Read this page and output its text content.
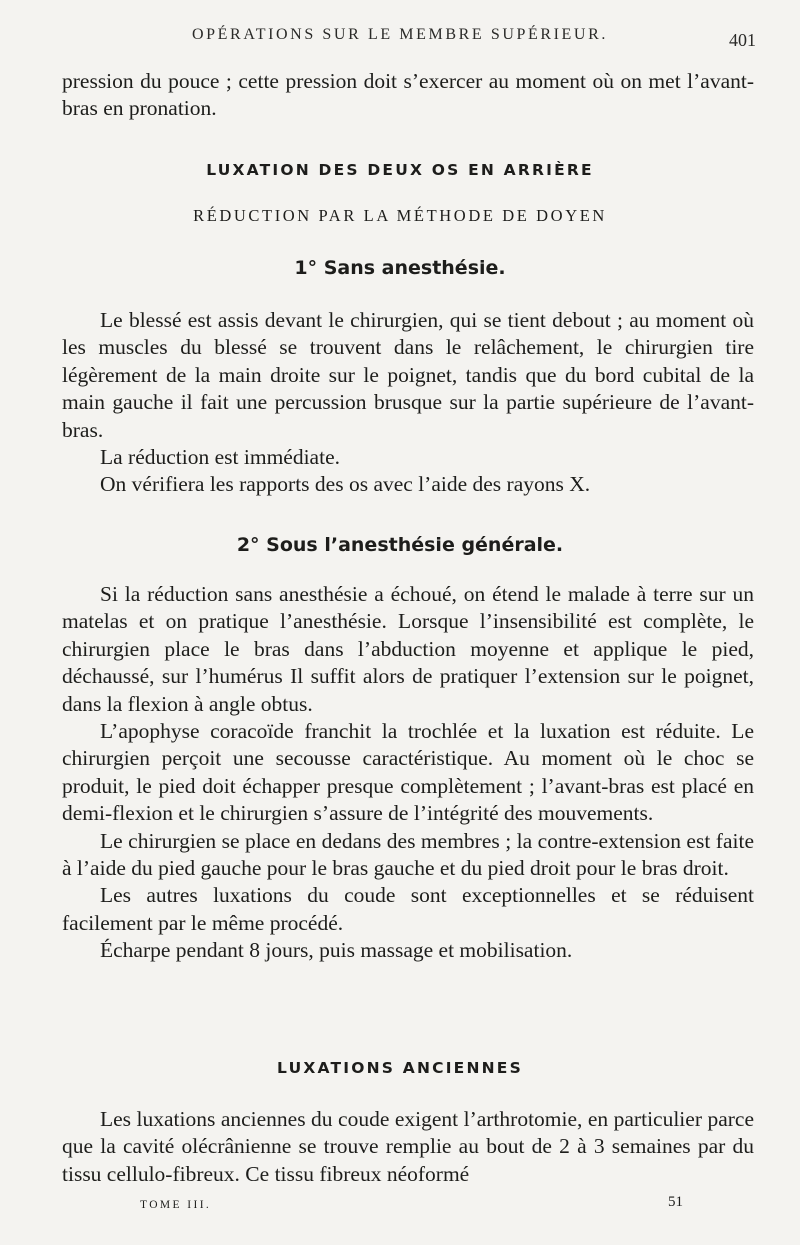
OPÉRATIONS SUR LE MEMBRE SUPÉRIEUR.	401

pression du pouce ; cette pression doit s’exercer au moment où on met l’avant-bras en pronation.

LUXATION DES DEUX OS EN ARRIÈRE
RÉDUCTION PAR LA MÉTHODE DE DOYEN
1° Sans anesthésie.

Le blessé est assis devant le chirurgien, qui se tient debout ; au moment où les muscles du blessé se trouvent dans le relâchement, le chirurgien tire légèrement de la main droite sur le poignet, tandis que du bord cubital de la main gauche il fait une percussion brusque sur la partie supérieure de l’avant-bras.

La réduction est immédiate.

On vérifiera les rapports des os avec l’aide des rayons X.

2° Sous l’anesthésie générale.

Si la réduction sans anesthésie a échoué, on étend le malade à terre sur un matelas et on pratique l’anesthésie. Lorsque l’insensibilité est complète, le chirurgien place le bras dans l’abduction moyenne et applique le pied, déchaussé, sur l’humérus Il suffit alors de pratiquer l’extension sur le poignet, dans la flexion à angle obtus.

L’apophyse coracoïde franchit la trochlée et la luxation est réduite. Le chirurgien perçoit une secousse caractéristique. Au moment où le choc se produit, le pied doit échapper presque complètement ; l’avant-bras est placé en demi-flexion et le chirurgien s’assure de l’intégrité des mouvements.

Le chirurgien se place en dedans des membres ; la contre-extension est faite à l’aide du pied gauche pour le bras gauche et du pied droit pour le bras droit.

Les autres luxations du coude sont exceptionnelles et se réduisent facilement par le même procédé.

Écharpe pendant 8 jours, puis massage et mobilisation.

LUXATIONS ANCIENNES

Les luxations anciennes du coude exigent l’arthrotomie, en particulier parce que la cavité olécrânienne se trouve remplie au bout de 2 à 3 semaines par du tissu cellulo-fibreux. Ce tissu fibreux néoformé

TOME III.	51
